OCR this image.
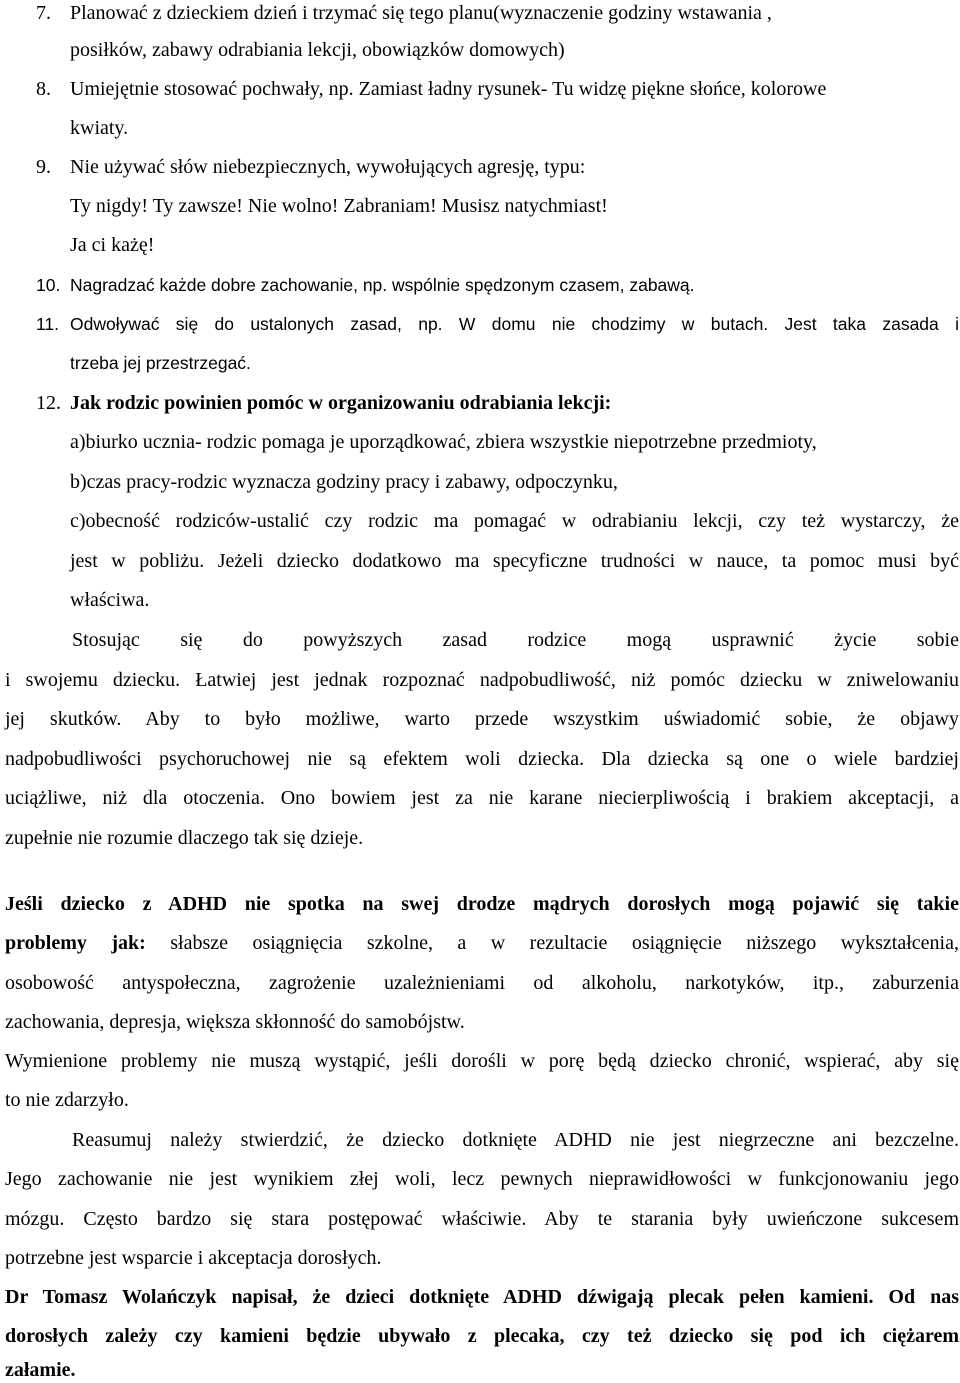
7. Planować z dzieckiem dzień i trzymać się tego planu(wyznaczenie godziny wstawania ,
posiłków, zabawy odrabiania lekcji, obowiązków domowych)
8. Umiejętnie stosować pochwały, np. Zamiast ładny rysunek- Tu widzę piękne słońce, kolorowe
kwiaty.
9. Nie używać słów niebezpiecznych, wywołujących agresję, typu:
Ty nigdy! Ty zawsze! Nie wolno! Zabraniam! Musisz natychmiast!
Ja ci każę!
10. Nagradzać każde dobre zachowanie, np. wspólnie spędzonym czasem, zabawą.
11. Odwoływać się do ustalonych zasad, np. W domu nie chodzimy w butach. Jest taka zasada i
trzeba jej przestrzegać.
12. Jak rodzic powinien pomóc w organizowaniu odrabiania lekcji:
a)biurko ucznia- rodzic pomaga je uporządkować, zbiera wszystkie niepotrzebne przedmioty,
b)czas pracy-rodzic wyznacza godziny pracy i zabawy, odpoczynku,
c)obecność rodziców-ustalić czy rodzic ma pomagać w odrabianiu lekcji, czy też wystarczy, że
jest w pobliżu. Jeżeli dziecko dodatkowo ma specyficzne trudności w nauce, ta pomoc musi być
właściwa.
Stosując się do powyższych zasad rodzice mogą usprawnić życie sobie
i swojemu dziecku. Łatwiej jest jednak rozpoznać nadpobudliwość, niż pomóc dziecku w zniwelowaniu
jej skutków. Aby to było możliwe, warto przede wszystkim uświadomić sobie, że objawy
nadpobudliwości psychoruchowej nie są efektem woli dziecka. Dla dziecka są one o wiele bardziej
uciążliwe, niż dla otoczenia. Ono bowiem jest za nie karane niecierpliwością i brakiem akceptacji, a
zupełnie nie rozumie dlaczego tak się dzieje.
Jeśli dziecko z ADHD nie spotka na swej drodze mądrych dorosłych mogą pojawić się takie
problemy jak: słabsze osiągnięcia szkolne, a w rezultacie osiągnięcie niższego wykształcenia,
osobowość antyspołeczna, zagrożenie uzależnieniami od alkoholu, narkotyków, itp., zaburzenia
zachowania, depresja, większa skłonność do samobójstw.
Wymienione problemy nie muszą wystąpić, jeśli dorośli w porę będą dziecko chronić, wspierać, aby się
to nie zdarzyło.
Reasumuj należy stwierdzić, że dziecko dotknięte ADHD nie jest niegrzeczne ani bezczelne.
Jego zachowanie nie jest wynikiem złej woli, lecz pewnych nieprawidłowości w funkcjonowaniu jego
mózgu. Często bardzo się stara postępować właściwie. Aby te starania były uwieńczone sukcesem
potrzebne jest wsparcie i akceptacja dorosłych.
Dr Tomasz Wolańczyk napisał, że dzieci dotknięte ADHD dźwigają plecak pełen kamieni. Od nas
dorosłych zależy czy kamieni będzie ubywało z plecaka, czy też dziecko się pod ich ciężarem
załamie.
